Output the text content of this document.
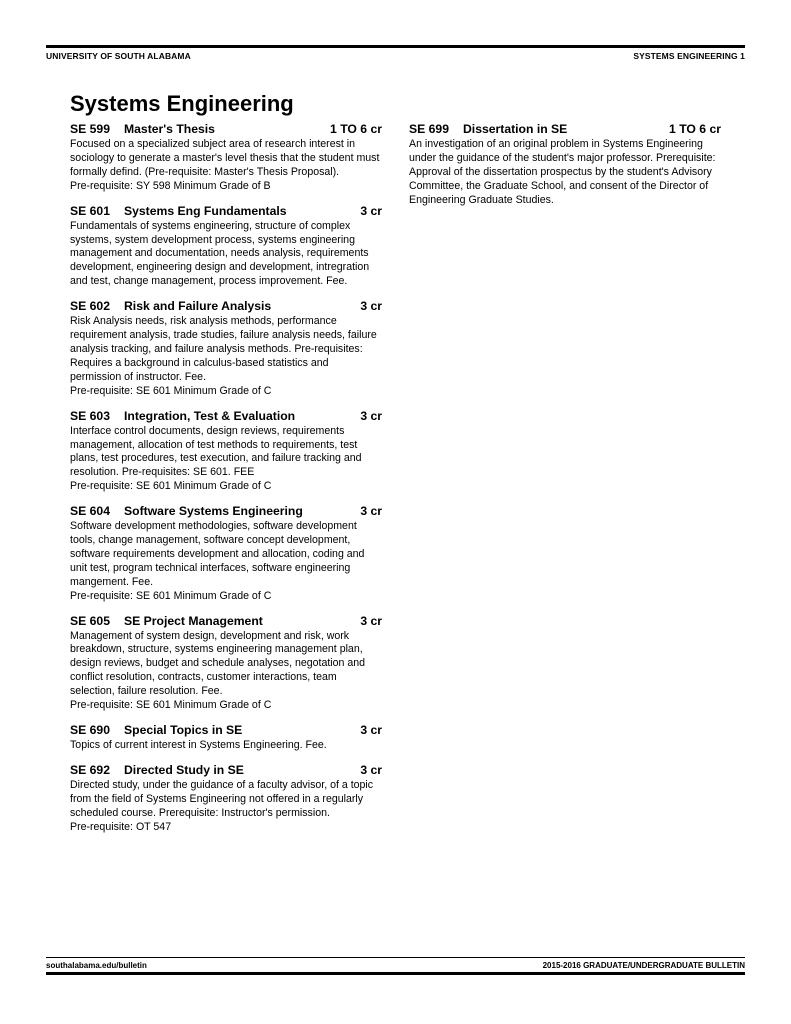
UNIVERSITY OF SOUTH ALABAMA	SYSTEMS ENGINEERING 1
Systems Engineering
SE 599	Master's Thesis	1 TO 6 cr

Focused on a specialized subject area of research interest in sociology to generate a master's level thesis that the student must formally defind. (Pre-requisite: Master's Thesis Proposal).

Pre-requisite: SY 598 Minimum Grade of B

SE 601	Systems Eng Fundamentals	3 cr

Fundamentals of systems engineering, structure of complex systems, system development process, systems engineering management and documentation, needs analysis, requirements development, engineering design and development, intregration and test, change management, process improvement. Fee.

SE 602	Risk and Failure Analysis	3 cr

Risk Analysis needs, risk analysis methods, performance requirement analysis, trade studies, failure analysis needs, failure analysis tracking, and failure analysis methods. Pre-requisites: Requires a background in calculus-based statistics and permission of instructor. Fee.

Pre-requisite: SE 601 Minimum Grade of C

SE 603	Integration, Test & Evaluation	3 cr

Interface control documents, design reviews, requirements management, allocation of test methods to requirements, test plans, test procedures, test execution, and failure tracking and resolution. Pre-requisites: SE 601. FEE

Pre-requisite: SE 601 Minimum Grade of C

SE 604	Software Systems Engineering	3 cr

Software development methodologies, software development tools, change management, software concept development, software requirements development and allocation, coding and unit test, program technical interfaces, software engineering mangement. Fee.

Pre-requisite: SE 601 Minimum Grade of C

SE 605	SE Project Management	3 cr

Management of system design, development and risk, work breakdown, structure, systems engineering management plan, design reviews, budget and schedule analyses, negotation and conflict resolution, contracts, customer interactions, team selection, failure resolution. Fee.

Pre-requisite: SE 601 Minimum Grade of C

SE 690	Special Topics in SE	3 cr

Topics of current interest in Systems Engineering. Fee.

SE 692	Directed Study in SE	3 cr

Directed study, under the guidance of a faculty advisor, of a topic from the field of Systems Engineering not offered in a regularly scheduled course. Prerequisite: Instructor's permission.

Pre-requisite: OT 547

SE 699	Dissertation in SE	1 TO 6 cr

An investigation of an original problem in Systems Engineering under the guidance of the student's major professor. Prerequisite: Approval of the dissertation prospectus by the student's Advisory Committee, the Graduate School, and consent of the Director of Engineering Graduate Studies.

southalabama.edu/bulletin	2015-2016 GRADUATE/UNDERGRADUATE BULLETIN
